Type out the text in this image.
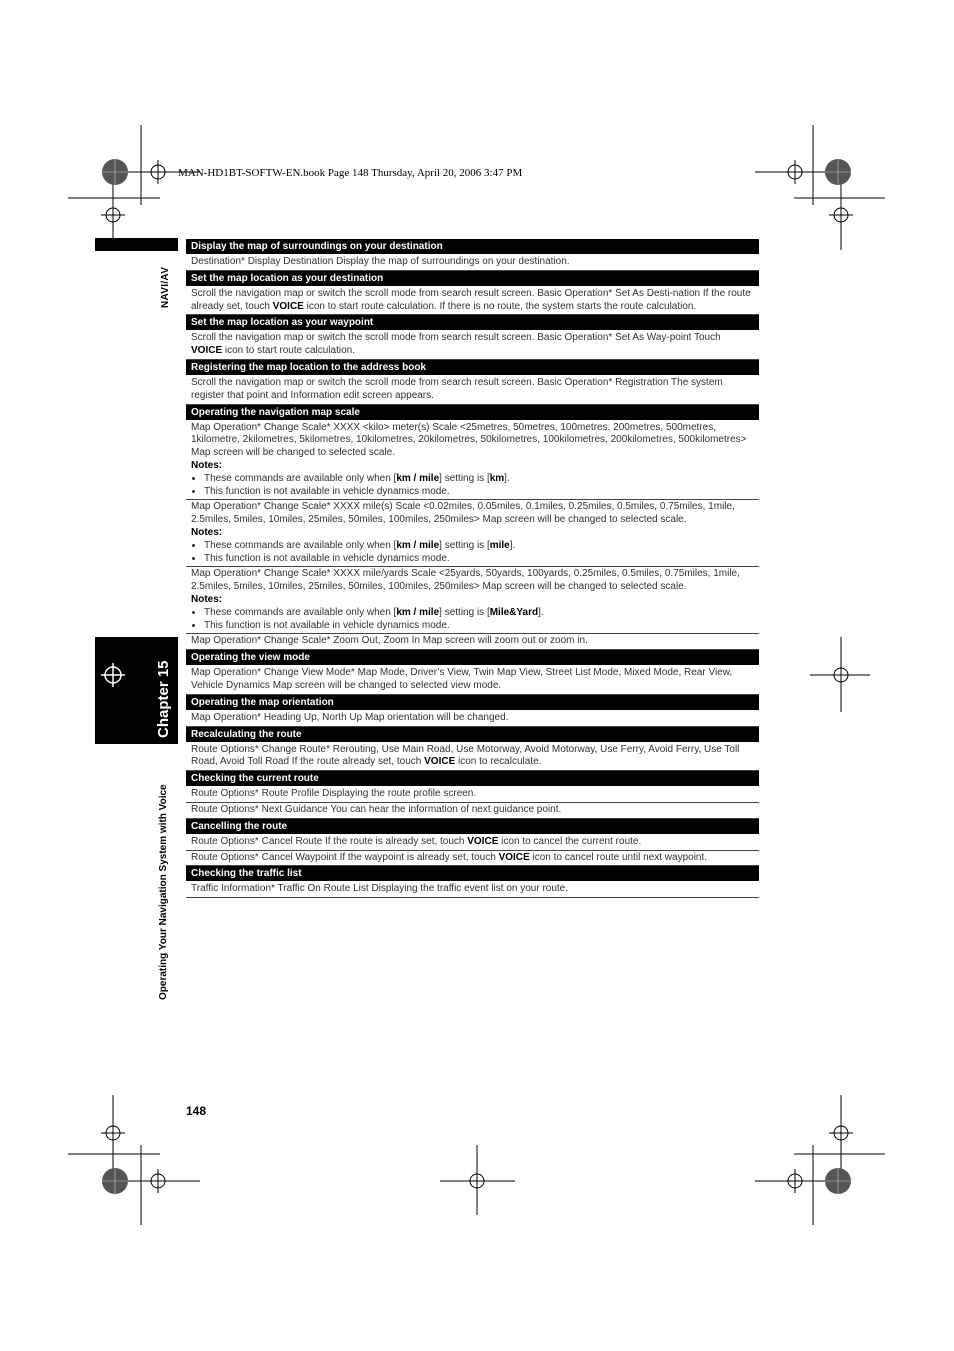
MAN-HD1BT-SOFTW-EN.book Page 148 Thursday, April 20, 2006 3:47 PM
NAVI/AV
Chapter 15
Operating Your Navigation System with Voice
Display the map of surroundings on your destination
Destination* Display Destination Display the map of surroundings on your destination.
Set the map location as your destination
Scroll the navigation map or switch the scroll mode from search result screen. Basic Operation* Set As Desti-nation If the route already set, touch VOICE icon to start route calculation. If there is no route, the system starts the route calculation.
Set the map location as your waypoint
Scroll the navigation map or switch the scroll mode from search result screen. Basic Operation* Set As Way-point Touch VOICE icon to start route calculation.
Registering the map location to the address book
Scroll the navigation map or switch the scroll mode from search result screen. Basic Operation* Registration The system register that point and Information edit screen appears.
Operating the navigation map scale
Map Operation* Change Scale* XXXX <kilo> meter(s) Scale <25metres, 50metres, 100metres, 200metres, 500metres, 1kilometre, 2kilometres, 5kilometres, 10kilometres, 20kilometres, 50kilometres, 100kilometres, 200kilometres, 500kilometres> Map screen will be changed to selected scale.
Notes:
• These commands are available only when [km / mile] setting is [km].
• This function is not available in vehicle dynamics mode.
Map Operation* Change Scale* XXXX mile(s) Scale <0.02miles, 0.05miles, 0.1miles, 0.25miles, 0.5miles, 0.75miles, 1mile, 2.5miles, 5miles, 10miles, 25miles, 50miles, 100miles, 250miles> Map screen will be changed to selected scale.
Notes:
• These commands are available only when [km / mile] setting is [mile].
• This function is not available in vehicle dynamics mode.
Map Operation* Change Scale* XXXX mile/yards Scale <25yards, 50yards, 100yards, 0.25miles, 0.5miles, 0.75miles, 1mile, 2.5miles, 5miles, 10miles, 25miles, 50miles, 100miles, 250miles> Map screen will be changed to selected scale.
Notes:
• These commands are available only when [km / mile] setting is [Mile&Yard].
• This function is not available in vehicle dynamics mode.
Map Operation* Change Scale* Zoom Out, Zoom In Map screen will zoom out or zoom in.
Operating the view mode
Map Operation* Change View Mode* Map Mode, Driver’s View, Twin Map View, Street List Mode, Mixed Mode, Rear View, Vehicle Dynamics Map screen will be changed to selected view mode.
Operating the map orientation
Map Operation* Heading Up, North Up Map orientation will be changed.
Recalculating the route
Route Options* Change Route* Rerouting, Use Main Road, Use Motorway, Avoid Motorway, Use Ferry, Avoid Ferry, Use Toll Road, Avoid Toll Road If the route already set, touch VOICE icon to recalculate.
Checking the current route
Route Options* Route Profile Displaying the route profile screen.
Route Options* Next Guidance You can hear the information of next guidance point.
Cancelling the route
Route Options* Cancel Route If the route is already set, touch VOICE icon to cancel the current route.
Route Options* Cancel Waypoint If the waypoint is already set, touch VOICE icon to cancel route until next waypoint.
Checking the traffic list
Traffic Information* Traffic On Route List Displaying the traffic event list on your route.
148
